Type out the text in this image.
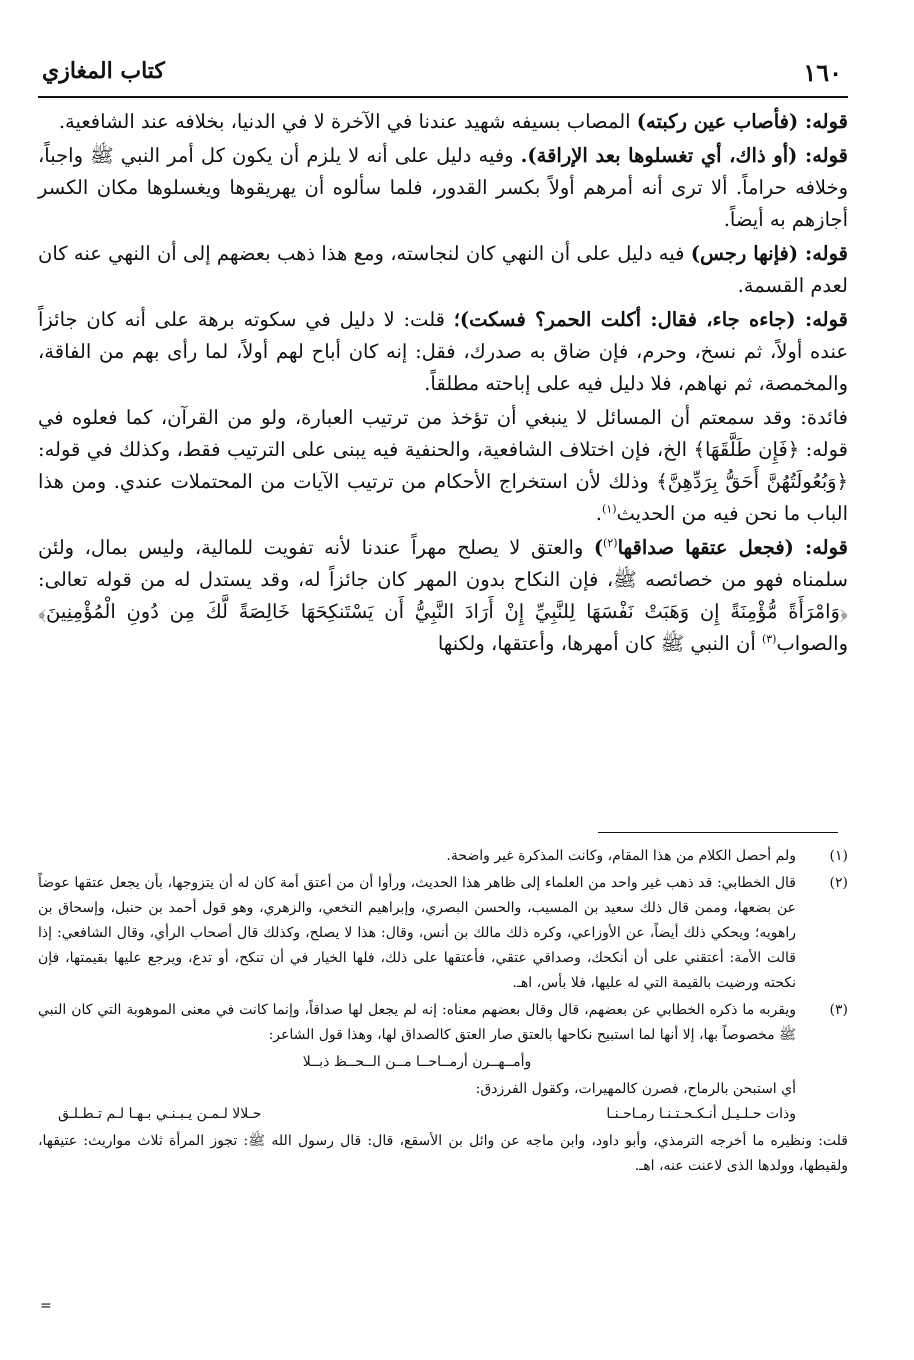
١٦٠
كتاب المغازي

قوله: (فأصاب عين ركبته) المصاب بسيفه شهيد عندنا في الآخرة لا في الدنيا، بخلافه عند الشافعية.

قوله: (أو ذاك، أي تغسلوها بعد الإراقة). وفيه دليل على أنه لا يلزم أن يكون كل أمر النبي ﷺ واجباً، وخلافه حراماً. ألا ترى أنه أمرهم أولاً بكسر القدور، فلما سألوه أن يهريقوها ويغسلوها مكان الكسر أجازهم به أيضاً.

قوله: (فإنها رجس) فيه دليل على أن النهي كان لنجاسته، ومع هذا ذهب بعضهم إلى أن النهي عنه كان لعدم القسمة.

قوله: (جاءه جاء، فقال: أكلت الحمر؟ فسكت)؛ قلت: لا دليل في سكوته برهة على أنه كان جائزاً عنده أولاً، ثم نسخ، وحرم، فإن ضاق به صدرك، فقل: إنه كان أباح لهم أولاً، لما رأى بهم من الفاقة، والمخمصة، ثم نهاهم، فلا دليل فيه على إباحته مطلقاً.

فائدة: وقد سمعتم أن المسائل لا ينبغي أن تؤخذ من ترتيب العبارة، ولو من القرآن، كما فعلوه في قوله: ﴿فَإِن طَلَّقَهَا﴾ الخ، فإن اختلاف الشافعية، والحنفية فيه يبنى على الترتيب فقط، وكذلك في قوله: ﴿وَبُعُولَتُهُنَّ أَحَقُّ بِرَدِّهِنَّ﴾ وذلك لأن استخراج الأحكام من ترتيب الآيات من المحتملات عندي. ومن هذا الباب ما نحن فيه من الحديث$^{(١)}$.

قوله: (فجعل عتقها صداقها$^{(٢)}$) والعتق لا يصلح مهراً عندنا لأنه تفويت للمالية، وليس بمال، ولئن سلمناه فهو من خصائصه ﷺ، فإن النكاح بدون المهر كان جائزاً له، وقد يستدل له من قوله تعالى: ﴿وَامْرَأَةً مُّؤْمِنَةً إِن وَهَبَتْ نَفْسَهَا لِلنَّبِيِّ إِنْ أَرَادَ النَّبِيُّ أَن يَسْتَنكِحَهَا خَالِصَةً لَّكَ مِن دُونِ الْمُؤْمِنِينَ﴾ والصواب$^{(٣)}$ أن النبي ﷺ كان أمهرها، وأعتقها، ولكنها

(١)
ولم أحصل الكلام من هذا المقام، وكانت المذكرة غير واضحة.
(٢)
قال الخطابي: قد ذهب غير واحد من العلماء إلى ظاهر هذا الحديث، ورأوا أن من أعتق أمة كان له أن يتزوجها، بأن يجعل عتقها عوضاً عن بضعها، وممن قال ذلك سعيد بن المسيب، والحسن البصري، وإبراهيم النخعي، والزهري، وهو قول أحمد بن حنبل، وإسحاق بن راهويه؛ ويحكي ذلك أيضاً، عن الأوزاعي، وكره ذلك مالك بن أنس، وقال: هذا لا يصلح، وكذلك قال أصحاب الرأي، وقال الشافعي: إذا قالت الأمة: أعتقني على أن أنكحك، وصداقي عتقي، فأعتقها على ذلك، فلها الخيار في أن تنكح، أو تدع، ويرجع عليها بقيمتها، فإن نكحته ورضيت بالقيمة التي له عليها، فلا بأس، اهـ.
(٣)
ويقربه ما ذكره الخطابي عن بعضهم، قال وقال بعضهم معناه: إنه لم يجعل لها صداقاً، وإنما كانت في معنى الموهوبة التي كان النبي ﷺ مخصوصاً بها، إلا أنها لما استبيح نكاحها بالعتق صار العتق كالصداق لها، وهذا قول الشاعر:
وأمــهــرن أرمــاحــا مــن الــحــظ ذبــلا
أي استبحن بالرماح، فصرن كالمهيرات، وكقول الفرزدق:
وذات حـلـيـل أنـكـحـتـنـا رمـاحـنـا
حـلالا لـمـن يـبـنـي بـهـا لـم تـطـلـق
قلت: ونظيره ما أخرجه الترمذي، وأبو داود، وابن ماجه عن وائل بن الأسقع، قال: قال رسول الله ﷺ: تجوز المرأة ثلاث مواريث: عتيقها، ولقيطها، وولدها الذى لاعنت عنه، اهـ.
=
